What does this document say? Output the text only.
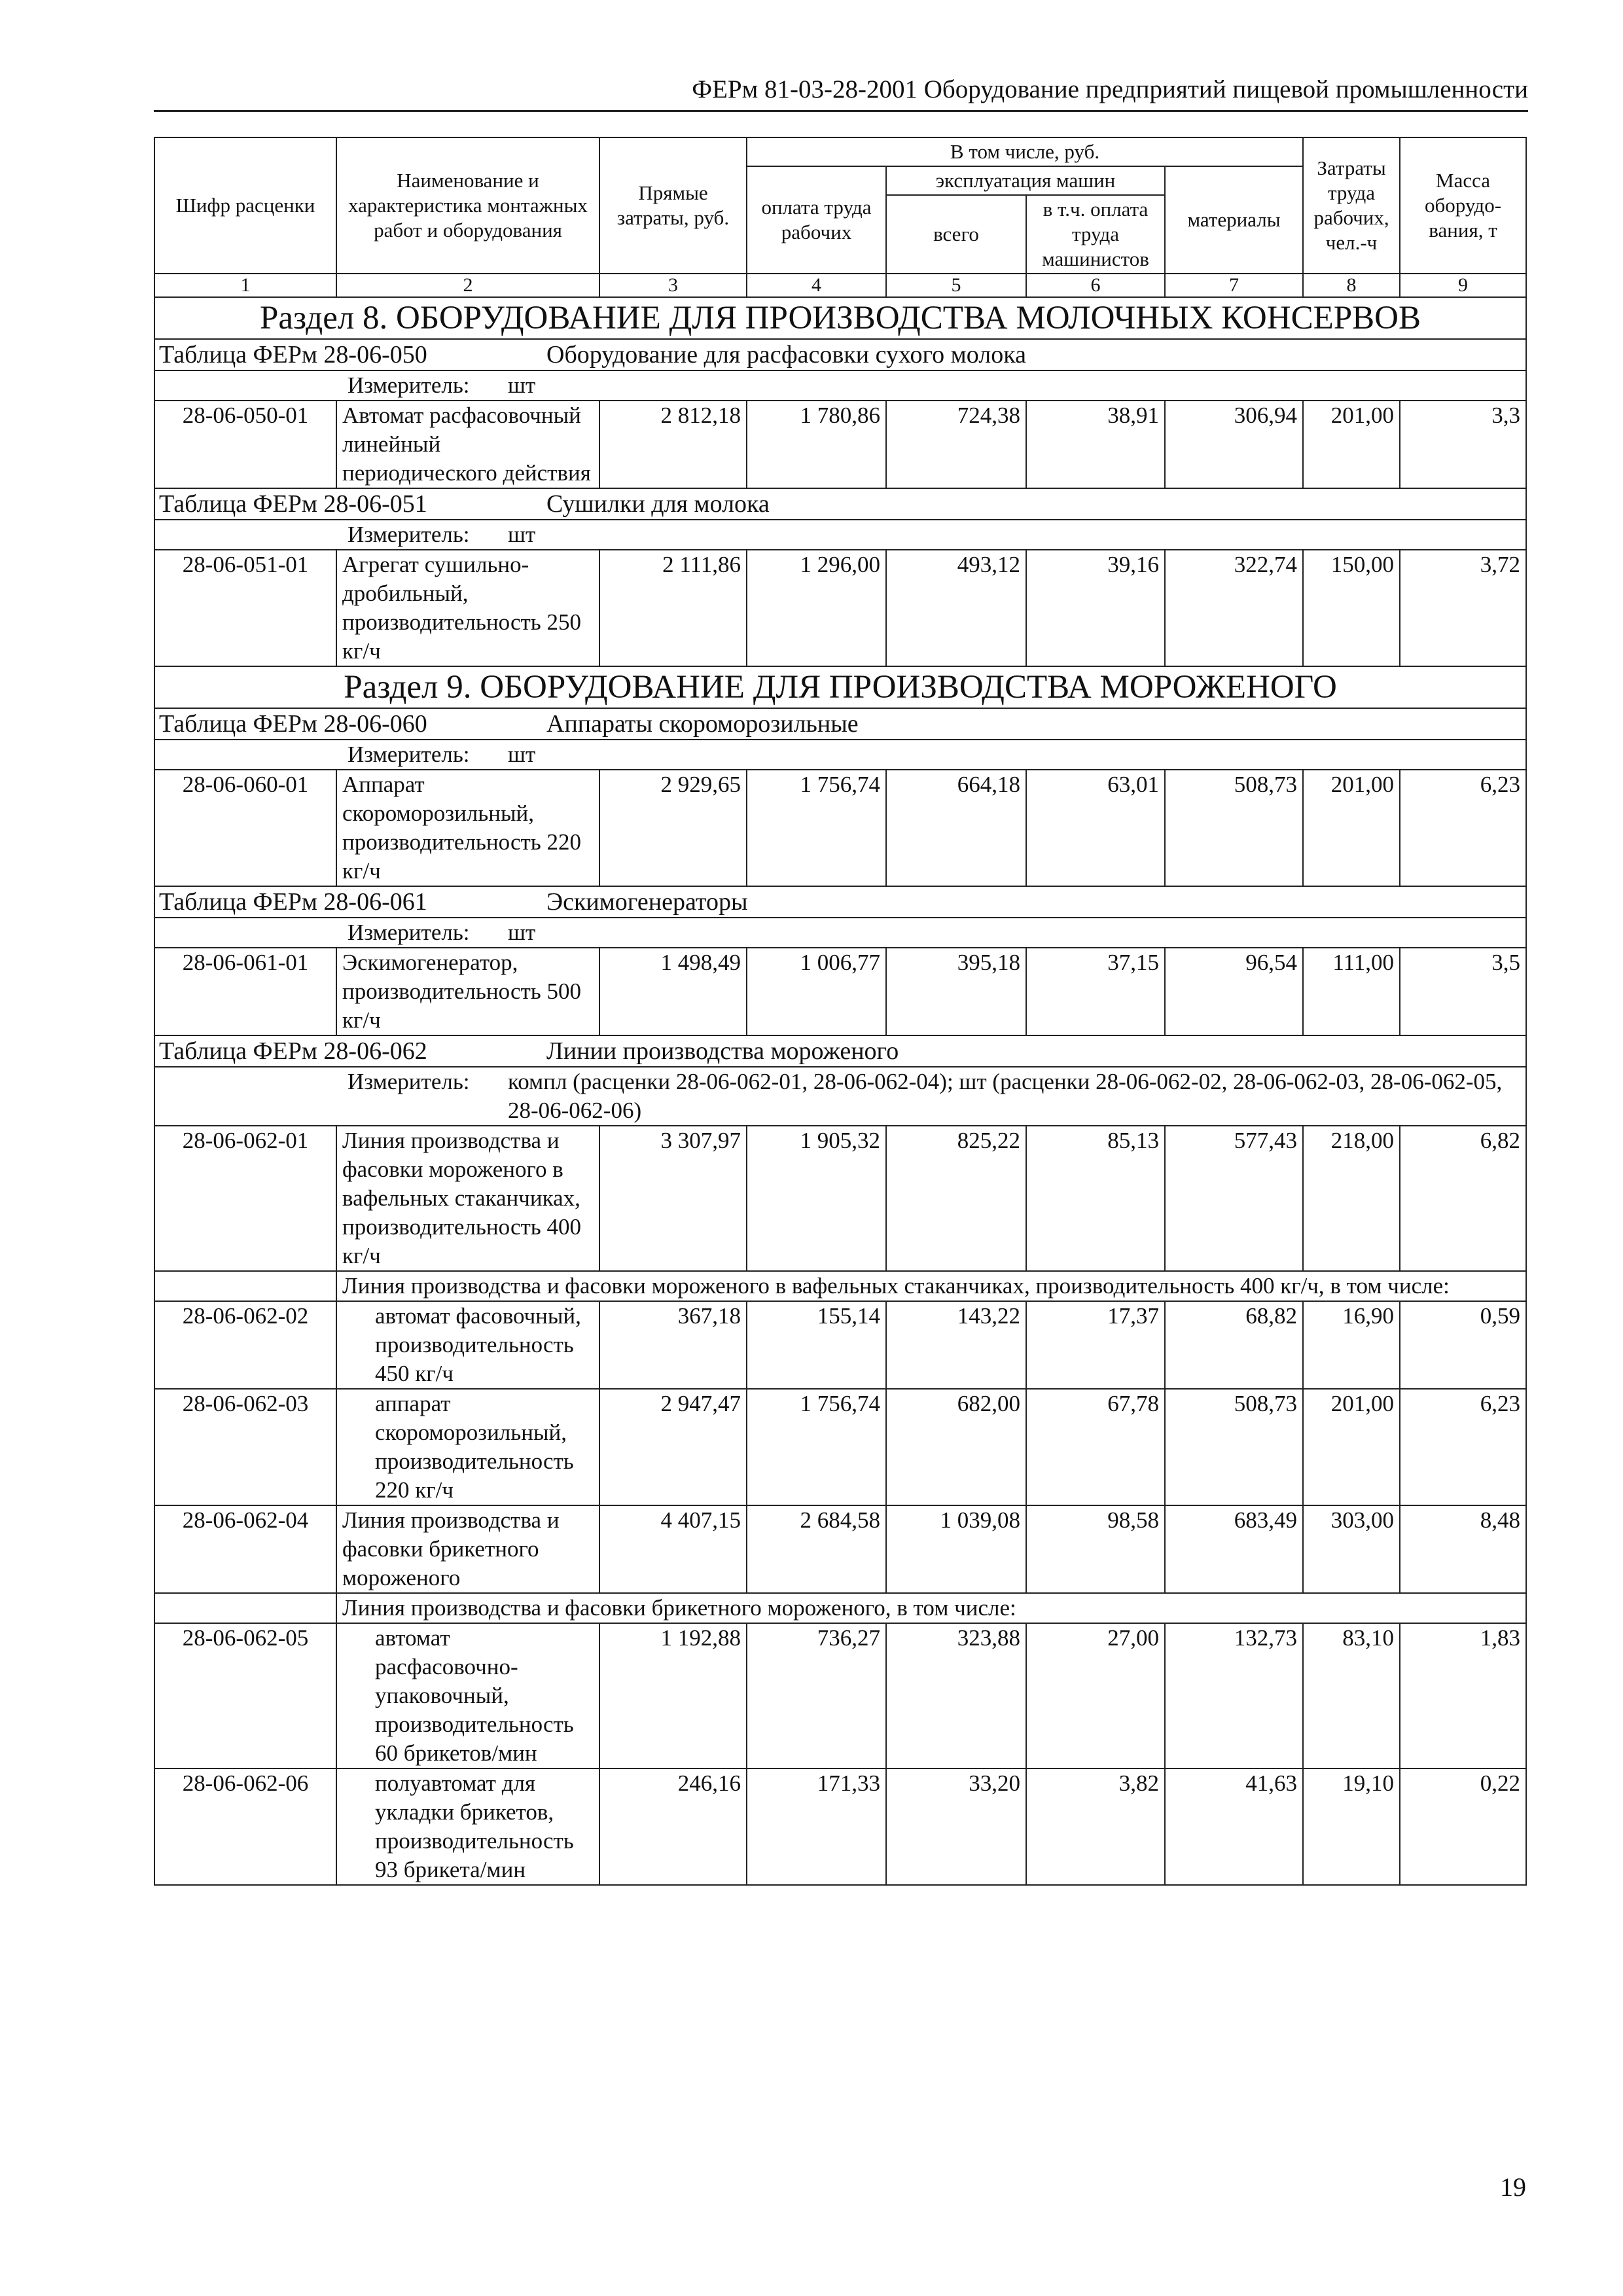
ФЕРм 81-03-28-2001 Оборудование предприятий пищевой промышленности
Шифр расценки	Наименование и характеристика монтажных работ и оборудования	Прямые затраты, руб.	В том числе, руб.				Затраты труда рабочих, чел.-ч	Масса оборудо-вания, т
			оплата труда рабочих	эксплуатация машин		материалы		
				всего	в т.ч. оплата труда машинистов			
1	2	3	4	5	6	7	8	9
Раздел 8. ОБОРУДОВАНИЕ ДЛЯ ПРОИЗВОДСТВА МОЛОЧНЫХ КОНСЕРВОВ								
Таблица ФЕРм 28-06-050 Оборудование для расфасовки сухого молока								
Измеритель: шт								
28-06-050-01	Автомат расфасовочный линейный периодического действия	2 812,18	1 780,86	724,38	38,91	306,94	201,00	3,3
Таблица ФЕРм 28-06-051 Сушилки для молока								
Измеритель: шт								
28-06-051-01	Агрегат сушильно-дробильный, производительность 250 кг/ч	2 111,86	1 296,00	493,12	39,16	322,74	150,00	3,72
Раздел 9. ОБОРУДОВАНИЕ ДЛЯ ПРОИЗВОДСТВА МОРОЖЕНОГО								
Таблица ФЕРм 28-06-060 Аппараты скороморозильные								
Измеритель: шт								
28-06-060-01	Аппарат скороморозильный, производительность 220 кг/ч	2 929,65	1 756,74	664,18	63,01	508,73	201,00	6,23
Таблица ФЕРм 28-06-061 Эскимогенераторы								
Измеритель: шт								
28-06-061-01	Эскимогенератор, производительность 500 кг/ч	1 498,49	1 006,77	395,18	37,15	96,54	111,00	3,5
Таблица ФЕРм 28-06-062 Линии производства мороженого								

Измеритель: компл (расценки 28-06-062-01, 28-06-062-04); шт (расценки 28-06-062-02, 28-06-062-03, 28-06-062-05, 28-06-062-06)								

28-06-062-01	Линия производства и фасовки мороженого в вафельных стаканчиках, производительность 400 кг/ч	3 307,97	1 905,32	825,22	85,13	577,43	218,00	6,82
	Линия производства и фасовки мороженого в вафельных стаканчиках, производительность 400 кг/ч, в том числе:							
28-06-062-02	автомат фасовочный, производительность 450 кг/ч	367,18	155,14	143,22	17,37	68,82	16,90	0,59
28-06-062-03	аппарат скороморозильный, производительность 220 кг/ч	2 947,47	1 756,74	682,00	67,78	508,73	201,00	6,23
28-06-062-04	Линия производства и фасовки брикетного мороженого	4 407,15	2 684,58	1 039,08	98,58	683,49	303,00	8,48
	Линия производства и фасовки брикетного мороженого, в том числе:							
28-06-062-05	автомат расфасовочно-упаковочный, производительность 60 брикетов/мин	1 192,88	736,27	323,88	27,00	132,73	83,10	1,83
28-06-062-06	полуавтомат для укладки брикетов, производительность 93 брикета/мин	246,16	171,33	33,20	3,82	41,63	19,10	0,22
19
